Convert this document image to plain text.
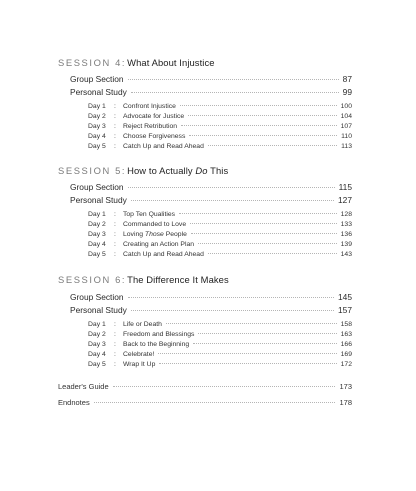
SESSION 4: What About Injustice
Group Section	87
Personal Study	99
Day 1 : Confront Injustice	100
Day 2 : Advocate for Justice	104
Day 3 : Reject Retribution	107
Day 4 : Choose Forgiveness	110
Day 5 : Catch Up and Read Ahead	113
SESSION 5: How to Actually Do This
Group Section	115
Personal Study	127
Day 1 : Top Ten Qualities	128
Day 2 : Commanded to Love	133
Day 3 : Loving Those People	136
Day 4 : Creating an Action Plan	139
Day 5 : Catch Up and Read Ahead	143
SESSION 6: The Difference It Makes
Group Section	145
Personal Study	157
Day 1 : Life or Death	158
Day 2 : Freedom and Blessings	163
Day 3 : Back to the Beginning	166
Day 4 : Celebrate!	169
Day 5 : Wrap It Up	172
Leader's Guide	173
Endnotes	178
